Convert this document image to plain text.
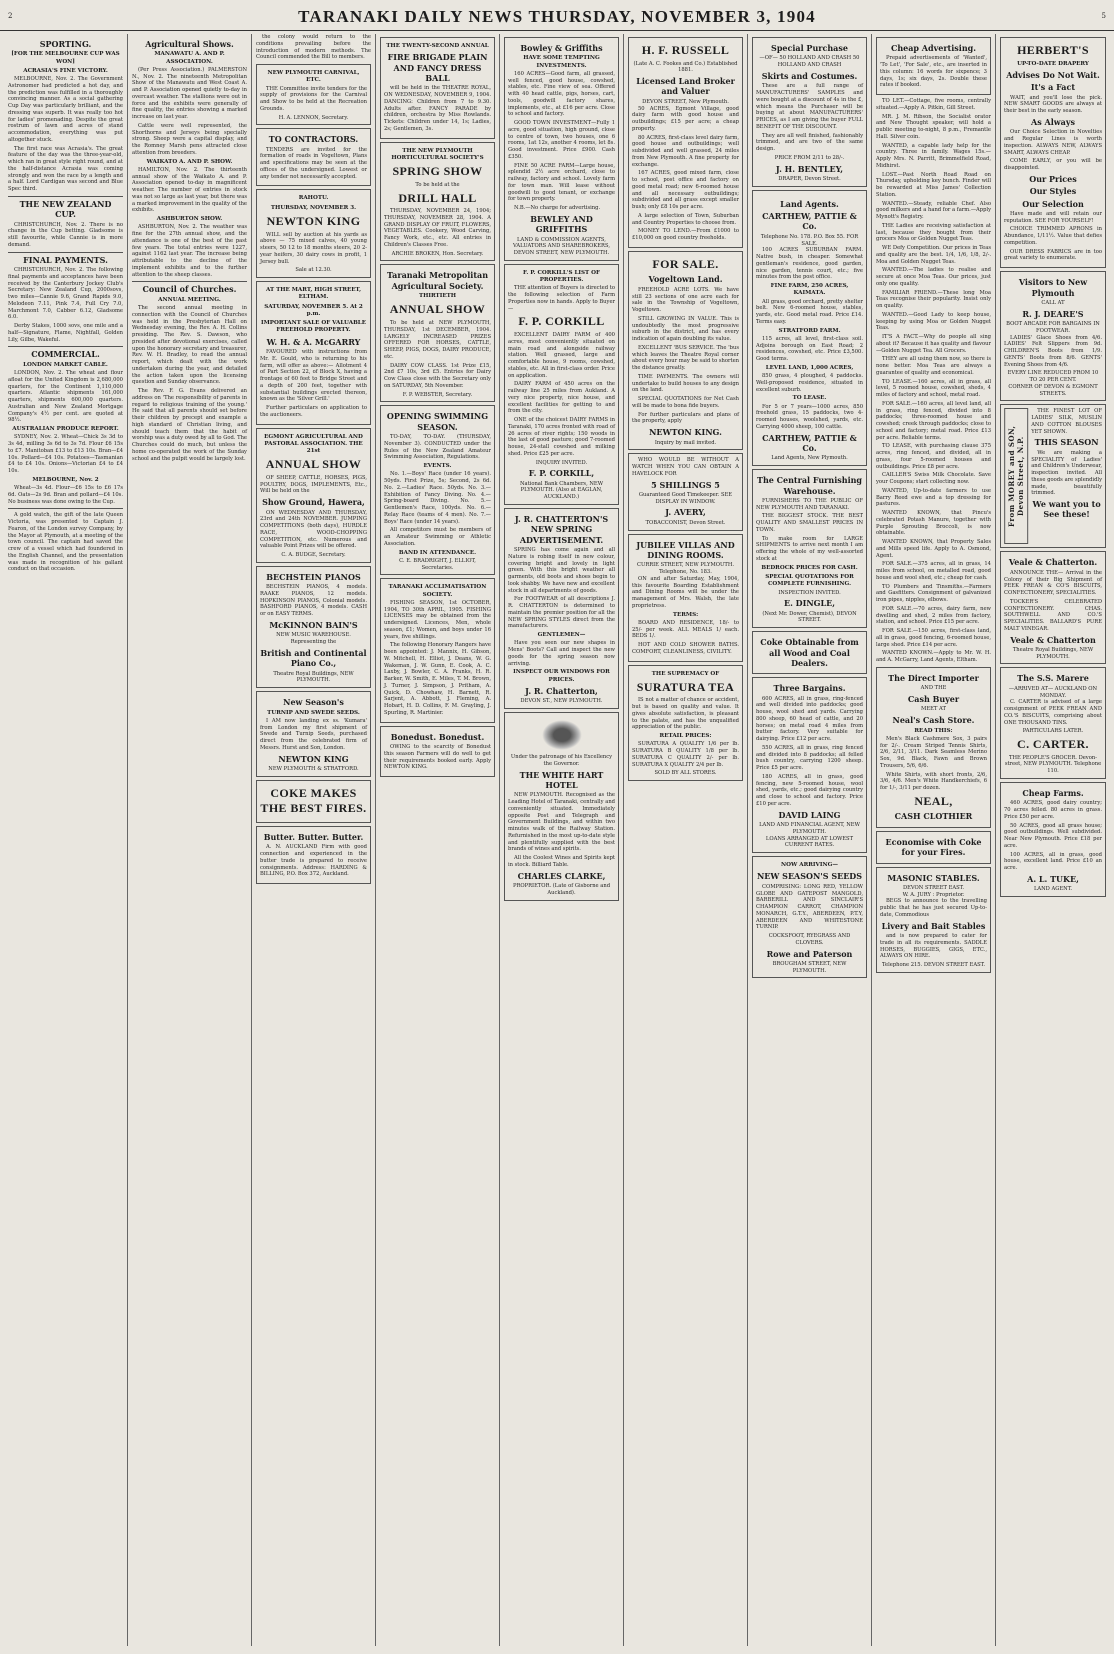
2	TARANAKI DAILY NEWS THURSDAY, NOVEMBER 3, 1904	5
SPORTING.
[FOR THE MELBOURNE CUP WAS WON]
ACRASIA'S FINE VICTORY.

MELBOURNE, Nov. 2. The Government Astronomer had predicted a hot day, and the prediction was fulfilled in a thoroughly convincing manner. As a social gathering Cup Day was particularly brilliant, and the dressing was superb. It was really too hot for ladies' promenading. Despite the great rostrum of lawn and acres of stand accommodation, everything was put altogether stuck.

The first race was Acrasia's. The great feature of the day was the three-year-old, which ran in great style right round, and at the half-distance Acrasia was coming strongly and won the race by a length and a half. Lord Cardigan was second and Blue Spec third.

THE NEW ZEALAND CUP.

CHRISTCHURCH, Nov. 2. There is no change in the Cup betting. Gladsome is still favourite, while Cannie is in more demand.

FINAL PAYMENTS.

CHRISTCHURCH, Nov. 2. The following final payments and acceptances have been received by the Canterbury Jockey Club's Secretary: New Zealand Cup, 2000sovs, two miles—Cannie 9.6, Grand Rapids 9.0, Melodeon 7.11, Pink 7.4, Full Cry 7.0, Marchmont 7.0, Cabber 6.12, Gladsome 6.0.

Derby Stakes, 1000 sovs, one mile and a half—Signature, Flame, Nightfall, Golden Lily, Gilbe, Wakeful.

COMMERCIAL.
LONDON MARKET CABLE.

LONDON, Nov. 2. The wheat and flour afloat for the United Kingdom is 2,680,000 quarters, for the Continent 1,110,000 quarters. Atlantic shipments 161,000 quarters, shipments 600,000 quarters. Australian and New Zealand Mortgage Company's 4½ per cent. are quoted at 98½.

AUSTRALIAN PRODUCE REPORT.

SYDNEY, Nov. 2. Wheat—Chick 3s 3d to 3s 4d, milling 3s 6d to 3s 7d. Flour £6 15s to £7. Manitoban £13 to £13 10s. Bran—£4 10s. Pollard—£4 10s. Potatoes—Tasmanian £4 to £4 10s. Onions—Victorian £4 to £4 10s.

MELBOURNE, Nov. 2

Wheat—3s 4d. Flour—£6 15s to £6 17s 6d. Oats—2s 9d. Bran and pollard—£4 10s. No business was done owing to the Cup.

A gold watch, the gift of the late Queen Victoria, was presented to Captain J. Fearon, of the London survey Company, by the Mayor at Plymouth, at a meeting of the town council. The captain had saved the crew of a vessel which had foundered in the English Channel, and the presentation was made in recognition of his gallant conduct on that occasion.

Agricultural Shows.
MANAWATU A. AND P. ASSOCIATION.

(Per Press Association.) PALMERSTON N., Nov. 2. The nineteenth Metropolitan Show of the Manawatu and West Coast A. and P. Association opened quietly to-day in overcast weather. The stallions were out in force and the exhibits were generally of fine quality, the entries showing a marked increase on last year.

Cattle were well represented, the Shorthorns and Jerseys being specially strong. Sheep were a capital display, and the Romney Marsh pens attracted close attention from breeders.

WAIKATO A. AND P. SHOW.

HAMILTON, Nov. 2. The thirteenth annual show of the Waikato A. and P. Association opened to-day in magnificent weather. The number of entries in stock was not so large as last year, but there was a marked improvement in the quality of the exhibits.

ASHBURTON SHOW.

ASHBURTON, Nov. 2. The weather was fine for the 27th annual show, and the attendance is one of the best of the past few years. The total entries were 1227, against 1162 last year. The increase being attributable to the decline of the implement exhibits and to the further attention to the sheep classes.

Council of Churches.
ANNUAL MEETING.

The second annual meeting in connection with the Council of Churches was held in the Presbyterian Hall on Wednesday evening, the Rev. A. H. Collins presiding. The Rev. S. Dawson, who presided after devotional exercises, called upon the honorary secretary and treasurer, Rev. W. H. Bradley, to read the annual report, which dealt with the work undertaken during the year, and detailed the action taken upon the licensing question and Sunday observance.

The Rev. F. G. Evans delivered an address on 'The responsibility of parents in regard to religious training of the young.' He said that all parents should set before their children by precept and example a high standard of Christian living, and should teach them that the habit of worship was a duty owed by all to God. The Churches could do much, but unless the home co-operated the work of the Sunday school and the pulpit would be largely lost.

the colony would return to the conditions prevailing before the introduction of modern methods. The Council commended the Bill to members.

NEW PLYMOUTH CARNIVAL, ETC.

THE Committee invite tenders for the supply of provisions for the Carnival and Show to be held at the Recreation Grounds.

H. A. LENNON, Secretary.
TO CONTRACTORS.

TENDERS are invited for the formation of roads in Vogeltown, Plans and specifications may be seen at the offices of the undersigned. Lowest or any tender not necessarily accepted.

RAHOTU.
THURSDAY, NOVEMBER 3.
NEWTON KING

WILL sell by auction at his yards as above — 75 mixed calves, 40 young steers, 50 12 to 18 months steers, 20 2-year heifers, 30 dairy cows in profit, 1 Jersey bull.

Sale at 12.30.
AT THE MART, HIGH STREET, ELTHAM.
SATURDAY, NOVEMBER 5. At 2 p.m.
IMPORTANT SALE OF VALUABLE FREEHOLD PROPERTY.
W. H. & A. McGARRY

FAVOURED with instructions from Mr. E. Gould, who is returning to his farm, will offer as above:— Allotment 4 of Part Section 22, of Block X, having a frontage of 60 feet to Bridge Street and a depth of 200 feet, together with substantial buildings erected thereon, known as the 'Silver Grill.'

Further particulars on application to the auctioneers.

EGMONT AGRICULTURAL AND PASTORAL ASSOCIATION. THE 21st
ANNUAL SHOW

OF SHEEP, CATTLE, HORSES, PIGS, POULTRY, DOGS, IMPLEMENTS, Etc., Will be held on the

Show Ground, Hawera,

ON WEDNESDAY AND THURSDAY, 23rd and 24th NOVEMBER. JUMPING COMPETITIONS (both days), HURDLE RACE, WOOD-CHOPPING COMPETITION, etc. Numerous and valuable Point Prizes will be offered.

C. A. BUDGE, Secretary.
BECHSTEIN PIANOS

BECHSTEIN PIANOS, 4 models. RAAKE PIANOS, 12 models. HOPKINSON PIANOS, Colonial models. BASHFORD PIANOS, 4 models. CASH or on EASY TERMS.

McKINNON BAIN'S
NEW MUSIC WAREHOUSE. Representing the
British and Continental Piano Co.,
Theatre Royal Buildings, NEW PLYMOUTH.
New Season's
TURNIP AND SWEDE SEEDS.

I AM now landing ex ss. 'Kumara' from London my first shipment of Swede and Turnip Seeds, purchased direct from the celebrated firm of Messrs. Hurst and Son, London.

NEWTON KING
NEW PLYMOUTH & STRATFORD.
COKE MAKES THE BEST FIRES.
Butter. Butter. Butter.

A. N. AUCKLAND Firm with good connection and experienced in the butter trade is prepared to receive consignments. Address: HARDING & BILLING, P.O. Box 372, Auckland.

THE TWENTY-SECOND ANNUAL
FIRE BRIGADE PLAIN AND FANCY DRESS BALL

will be held in the THEATRE ROYAL, ON WEDNESDAY, NOVEMBER 9, 1904. DANCING: Children from 7 to 9.30. Adults after. FANCY PARADE by children, orchestra by Miss Rowlands. Tickets: Children under 14, 1s; Ladies, 2s; Gentlemen, 3s.

THE NEW PLYMOUTH HORTICULTURAL SOCIETY'S
SPRING SHOW
To be held at the
DRILL HALL

THURSDAY, NOVEMBER 24, 1904; THURSDAY, NOVEMBER 28, 1904. A GRAND DISPLAY OF FRUIT, FLOWERS, VEGETABLES. Cookery, Wood Carving, Fancy Work, etc., etc. All entries in Children's Classes Free.

ARCHIE BROKEN, Hon. Secretary.
Taranaki Metropolitan Agricultural Society.
THIRTIETH
ANNUAL SHOW

To be held at NEW PLYMOUTH, THURSDAY, 1st DECEMBER, 1904. LARGELY INCREASED PRIZES OFFERED FOR HORSES, CATTLE, SHEEP, PIGS, DOGS, DAIRY PRODUCE, etc.

DAIRY COW CLASS. 1st Prize £15, 2nd £7 10s, 3rd £5. Entries for Dairy Cow Class close with the Secretary only on SATURDAY, 5th November.

F. P. WEBSTER, Secretary.
OPENING SWIMMING SEASON.

TO-DAY, TO-DAY. (THURSDAY, November 3). CONDUCTED under the Rules of the New Zealand Amateur Swimming Association, Regulations.

EVENTS.

No. 1.—Boys' Race (under 16 years). 50yds. First Prize, 5s; Second, 2s 6d. No. 2.—Ladies' Race. 50yds. No. 3.—Exhibition of Fancy Diving. No. 4.—Spring-board Diving. No. 5.—Gentlemen's Race, 100yds. No. 6.—Relay Race (teams of 4 men). No. 7.—Boys' Race (under 14 years).

All competitors must be members of an Amateur Swimming or Athletic Association.

BAND IN ATTENDANCE.
C. E. BRADRIGHT, J. ELLIOT, Secretaries.
TARANAKI ACCLIMATISATION SOCIETY.

FISHING SEASON, 1st OCTOBER, 1904, TO 30th APRIL, 1905. FISHING LICENSES may be obtained from the undersigned. Licences, Men, whole season, £1; Women, and boys under 16 years, five shillings.

The following Honorary Rangers have been appointed: J. Mannix, H. Gibson, W. Mitchell, H. Elliot, J. Deans, W. G. Wakeman, J. W. Gunn, E. Cook, A. C. Laxby, J. Bowler, C. A. Franks, H. R. Barker, W. Smith, E. Miles, T. M. Brown, J. Turner, J. Simpson, J. Pritham, A. Quick, D. Chowhaw, H. Barnett, R. Sarjent, A. Abbott, J. Fleming, A. Hobart, H. D. Collins, F. M. Grayling, J. Spurling, R. Martinier.

Bonedust. Bonedust.

OWING to the scarcity of Bonedust this season Farmers will do well to get their requirements booked early. Apply NEWTON KING.

Bowley & Griffiths
HAVE SOME TEMPTING INVESTMENTS.

160 ACRES—Good farm, all grassed, well fenced, good house, cowshed, stables, etc. Fine view of sea. Offered with 40 head cattle, pigs, horses, cart, tools, goodwill factory shares, implements, etc., at £16 per acre. Close to school and factory.

GOOD TOWN INVESTMENT—Fully 1 acre, good situation, high ground, close to centre of town, two houses, one 6 rooms, 1at 12s, another 4 rooms, let 8s. Good investment. Price £900. Cash £350.

FINE 50 ACRE FARM—Large house, splendid 2½ acre orchard, close to railway, factory and school. Lovely farm for town man. Will lease without goodwill to good tenant, or exchange for town property.

N.B.—No charge for advertising.

BEWLEY AND GRIFFITHS
LAND & COMMISSION AGENTS, VALUATORS AND SHAREBROKERS, DEVON STREET, NEW PLYMOUTH.
F. P. CORKILL'S LIST OF PROPERTIES.

THE attention of Buyers is directed to the following selection of Farm Properties now in hands. Apply to Buyer—

F. P. CORKILL

EXCELLENT DAIRY FARM of 400 acres, most conveniently situated on main road and alongside railway station. Well grassed, large and comfortable house, 9 rooms, cowshed, stables, etc. All in first-class order. Price on application.

DAIRY FARM of 450 acres on the railway line 25 miles from Aukland. A very nice property, nice house, and excellent facilities for getting to and from the city.

ONE of the choicest DAIRY FARMS in Taranaki, 170 acres fronted with road of 26 acres of river rights; 150 woods in the last of good pasture; good 7-roomed house, 24-stall cowshed and milking shed. Price £25 per acre.

INQUIRY INVITED.
F. P. CORKILL,
National Bank Chambers, NEW PLYMOUTH. (Also at EAGLAN, AUCKLAND.)
J. R. CHATTERTON'S NEW SPRING ADVERTISEMENT.

SPRING has come again and all Nature is robing itself in new colour, covering bright and lovely in light green. With this bright weather all garments, old boots and shoes begin to look shabby. We have new and excellent stock in all departments of goods.

For FOOTWEAR of all descriptions J. R. CHATTERTON is determined to maintain the premier position for all the NEW SPRING STYLES direct from the manufacturers.

GENTLEMEN—

Have you seen our new shapes in Mens' Boots? Call and inspect the new goods for the spring season now arriving.

INSPECT OUR WINDOWS FOR PRICES.
J. R. Chatterton,
DEVON ST., NEW PLYMOUTH.
Under the patronage of his Excellency the Governor.
THE WHITE HART HOTEL

NEW PLYMOUTH. Recognised as the Leading Hotel of Taranaki, centrally and conveniently situated. Immediately opposite Post and Telegraph and Government Buildings, and within two minutes walk of the Railway Station. Refurnished in the most up-to-date style and plentifully supplied with the best brands of wines and spirits.

All the Coolest Wines and Spirits kept in stock. Billiard Table.

CHARLES CLARKE,
PROPRIETOR. (Late of Gisborne and Auckland).
H. F. RUSSELL
(Late A. C. Fookes and Co.) Established 1881.
Licensed Land Broker and Valuer
DEVON STREET, New Plymouth.

50 ACRES, Egmont Village, good dairy farm with good house and outbuildings; £15 per acre; a cheap property.

80 ACRES, first-class level dairy farm, good house and outbuildings; well subdivided and well grassed, 24 miles from New Plymouth. A fine property for exchange.

167 ACRES, good mixed farm, close to school, post office and factory on good metal road; new 6-roomed house and all necessary outbuildings; subdivided and all grass except smaller bush; only £8 10s per acre.

A large selection of Town, Suburban and Country Properties to choose from.

MONEY TO LEND.—From £1000 to £10,000 on good country freeholds.

FOR SALE.
Vogeltown Land.

FREEHOLD ACRE LOTS. We have still 23 sections of one acre each for sale in the Township of Vogeltown, Vogeltown.

STILL GROWING IN VALUE. This is undoubtedly the most progressive suburb in the district, and has every indication of again doubling its value.

EXCELLENT 'BUS SERVICE. The 'bus which leaves the Theatre Royal corner about every hour may be said to shorten the distance greatly.

TIME PAYMENTS. The owners will undertake to build houses to any design on the land.

SPECIAL QUOTATIONS for Net Cash will be made to bona fide buyers.

For further particulars and plans of the property, apply

NEWTON KING.
Inquiry by mail invited.

WHO WOULD BE WITHOUT A WATCH WHEN YOU CAN OBTAIN A HAVELOCK FOR

5 SHILLINGS 5
Guaranteed Good Timekeeper. SEE DISPLAY IN WINDOW.
J. AVERY,
TOBACCONIST, Devon Street.
JUBILEE VILLAS AND DINING ROOMS.
CURRIE STREET, NEW PLYMOUTH. Telephone, No. 183.

ON and after Saturday, May, 1904, this favourite Boarding Establishment and Dining Rooms will be under the management of Mrs. Walsh, the late proprietress.

TERMS:

BOARD AND RESIDENCE, 18/- to 25/- per week. ALL MEALS 1/ each. BEDS 1/.

HOT AND COLD SHOWER BATHS. COMFORT, CLEANLINESS, CIVILITY.

THE SUPREMACY OF
SURATURA TEA

IS not a matter of chance or accident, but is based on quality and value. It gives absolute satisfaction, is pleasant to the palate, and has the unqualified appreciation of the public.

RETAIL PRICES:

SURATURA A QUALITY 1/6 per lb. SURATURA B QUALITY 1/8 per lb. SURATURA C QUALITY 2/- per lb. SURATURA X QUALITY 2/4 per lb.

SOLD BY ALL STORES.
Special Purchase
—OF— 50 HOLLAND AND CRASH 50 HOLLAND AND CRASH
Skirts and Costumes.

These are a full range of MANUFACTURERS' SAMPLES and were bought at a discount of 4s in the £, which means the Purchaser will be buying at about MANUFACTURERS' PRICES, as I am giving the buyer FULL BENEFIT OF THE DISCOUNT.

They are all well finished, fashionably trimmed, and are two of the same design.

PRICE FROM 2/11 to 28/-.
J. H. BENTLEY,
DRAPER, Devon Street.
Land Agents.
CARTHEW, PATTIE & Co.
Telephone No. 178. P.O. Box 55. FOR SALE.

100 ACRES SUBURBAN FARM. Native bush, in cheaper. Somewhat gentleman's residence, good garden, nice garden, tennis court, etc.; five minutes from the post office.

FINE FARM, 250 ACRES, KAIMATA.

All grass, good orchard, pretty shelter belt. New 6-roomed house, stables, yards, etc. Good metal road. Price £14. Terms easy.

STRATFORD FARM.

115 acres, all level, first-class soil. Adjoins borough on East Road; 2 residences, cowshed, etc. Price £3,500. Good terms.

LEVEL LAND, 1,000 ACRES,

850 grass, 4 ploughed, 4 paddocks. Well-proposed residence, situated in excellent suburb.

TO LEASE.

For 5 or 7 years—1000 acres, 850 freehold grass, 15 paddocks, two 4-roomed houses, woolshed, yards, etc. Carrying 4000 sheep, 100 cattle.

CARTHEW, PATTIE & Co.
Land Agents, New Plymouth.
The Central Furnishing Warehouse.

FURNISHERS TO THE PUBLIC OF NEW PLYMOUTH AND TARANAKI.

THE BIGGEST STOCK. THE BEST QUALITY AND SMALLEST PRICES IN TOWN.

To make room for LARGE SHIPMENTS to arrive next month I am offering the whole of my well-assorted stock at

BEDROCK PRICES FOR CASH.
SPECIAL QUOTATIONS FOR COMPLETE FURNISHING.
INSPECTION INVITED.
E. DINGLE,
(Next Mr. Dower, Chemist), DEVON STREET.
Coke Obtainable from all Wood and Coal Dealers.
Three Bargains.

600 ACRES, all in grass, ring-fenced and well divided into paddocks; good house, wool shed and yards. Carrying 800 sheep, 60 head of cattle, and 20 horses; on metal road 4 miles from butter factory. Very suitable for dairying. Price £12 per acre.

550 ACRES, all in grass, ring fenced and divided into 8 paddocks; all felled bush country, carrying 1200 sheep. Price £5 per acre.

180 ACRES, all in grass, good fencing, new 5-roomed house, wool shed, yards, etc.; good dairying country and close to school and factory. Price £10 per acre.

DAVID LAING
LAND AND FINANCIAL AGENT, NEW PLYMOUTH.
LOANS ARRANGED AT LOWEST CURRENT RATES.
NOW ARRIVING—
NEW SEASON'S SEEDS

COMPRISING: LONG RED, YELLOW GLOBE AND GATEPOST MANGOLD, BARBERILL AND SINCLAIR'S CHAMPION CARROT, CHAMPION MONARCH, G.T.Y., ABERDEEN, P.T.Y, ABERDEEN AND WHITESTONE TURNIP.

COCKSFOOT, RYEGRASS AND CLOVERS.
Rowe and Paterson
BROUGHAM STREET, NEW PLYMOUTH.
Cheap Advertising.

Prepaid advertisements of 'Wanted', 'To Let', 'For Sale', etc., are inserted in this column: 16 words for sixpence; 3 days, 1s; six days, 2s. Double these rates if booked.

TO LET.—Cottage, five rooms, centrally situated.—Apply A. Pitkin, Gill Street.

MR. J. M. Ribson, the Socialist orator and New Thought speaker, will hold a public meeting to-night, 8 p.m., Fremantle Hall. Silver coin.

WANTED, a capable lady help for the country. Three in family. Wages 15s.—Apply Mrs. N. Parritt, Brimmelfield Road, Midhirst.

LOST.—Past North Road Road on Thursday, upholding key bunch. Finder will be rewarded at Miss James' Collection Station.

WANTED.—Steady, reliable Chef. Also good milkers and a hand for a farm.—Apply Mynott's Registry.

THE Ladies are receiving satisfaction at last, because they bought from their grocers Moa or Golden Nugget Teas.

WE Defy Competition. Our prices in Teas and quality are the best. 1/4, 1/6, 1/8, 2/-. Moa and Golden Nugget Teas.

WANTED.—The ladies to realise and secure at once Moa Teas. Our prices, just only one quality.

FAMILIAR FRIEND.—These long Moa Teas recognise their popularity. Insist only on quality.

WANTED.—Good Lady to keep house, keeping by using Moa or Golden Nugget Teas.

IT'S A FACT.—Why do people all sing about it? Because it has quality and flavour—Golden Nugget Tea. All Grocers.

THEY are all using them now, so there is none better. Moa Teas are always a guarantee of quality and economical.

TO LEASE.—160 acres, all in grass, all level, 5 roomed house, cowshed, sheds, 4 miles of factory and school, metal road.

FOR SALE.—160 acres, all level land, all in grass, ring fenced, divided into 8 paddocks; three-roomed house and cowshed; creek through paddocks; close to school and factory; metal road. Price £13 per acre. Reliable terms.

TO LEASE, with purchasing clause 375 acres, ring fenced, and divided, all in grass, four 5-roomed houses and outbuildings. Price £8 per acre.

CAILLER'S Swiss Milk Chocolate. Save your Coupons; start collecting now.

WANTED, Up-to-date farmers to use Barry Reed ewe and a top dressing for pastures.

WANTED KNOWN, that Pincu's celebrated Potash Manure, together with Purple Sprouting Broccoli, is now obtainable.

WANTED KNOWN, that Property Sales and Mills speed life. Apply to A. Osmond, Agent.

FOR SALE.—375 acres, all in grass, 14 miles from school, on metalled road, good house and wool shed, etc.; cheap for cash.

TO Plumbers and Tinsmiths.—Farmers and Gasfitters. Consignment of galvanized iron pipes, nipples, elbows.

FOR SALE.—70 acres, dairy farm, new dwelling and shed, 2 miles from factory, station, and school. Price £15 per acre.

FOR SALE.—150 acres, first-class land, all in grass, good fencing, 6-roomed house, large shed. Price £14 per acre.

WANTED KNOWN.—Apply to Mr. W. H. and A. McGarry, Land Agents, Eltham.

The Direct Importer
AND THE
Cash Buyer
MEET AT
Neal's Cash Store.
READ THIS:

Men's Black Cashmere Sox, 3 pairs for 2/-. Cream Striped Tennis Shirts, 2/6, 2/11, 3/11. Dark Seamless Merino Sox, 9d. Black, Fawn and Brown Trousers, 5/6, 6/6.

White Shirts, with short fronts, 2/6, 3/6, 4/6. Men's White Handkerchiefs, 6 for 1/-, 3/11 per dozen.

NEAL,
CASH CLOTHIER
Economise with Coke for your Fires.
MASONIC STABLES.
DEVON STREET EAST.
W. A. JURY : Proprietor.

BEGS to announce to the travelling public that he has just secured Up-to-date, Commodious

Livery and Bait Stables

and is now prepared to cater for trade in all its requirements. SADDLE HORSES, BUGGIES, GIGS, ETC., ALWAYS ON HIRE.

Telephone 215. DEVON STREET EAST.
HERBERT'S
UP-TO-DATE DRAPERY
Advises Do Not Wait.
It's a Fact

WAIT, and you'll lose the pick. NEW SMART GOODS are always at their best in the early season.

As Always

Our Choice Selection in Novelties and Regular Lines is worth inspection. ALWAYS NEW, ALWAYS SMART, ALWAYS CHEAP.

COME EARLY, or you will be disappointed.

Our Prices
Our Styles
Our Selection

Have made and will retain our reputation. SEE FOR YOURSELF!

CHOICE TRIMMED APRONS in Abundance, 1/11½. Value that defies competition.

OUR DRESS FABRICS are in too great variety to enumerate.

Visitors to New Plymouth
CALL AT
R. J. DEARE'S
BOOT ARCADE FOR BARGAINS IN FOOTWEAR.

LADIES' Glace Shoes from 4/6. LADIES' Felt Slippers from 9d. CHILDREN'S Boots from 1/9. GENTS' Boots from 8/6. GENTS' Evening Shoes from 4/6.

EVERY LINE REDUCED FROM 10 TO 20 PER CENT.
CORNER OF DEVON & EGMONT STREETS.
From MOREY and SON, Devon Street, N.P.

THE FINEST LOT OF LADIES' SILK, MUSLIN AND COTTON BLOUSES YET SHOWN.

THIS SEASON

We are making a SPECIALITY of Ladies' and Children's Underwear, inspection invited. All these goods are splendidly made, beautifully trimmed.

We want you to See these!
Veale & Chatterton.

ANNOUNCE THE— Arrival in the Colony of their Big Shipment of PEEK FREAN & CO'S BISCUITS, CONFECTIONERY, SPECIALITIES.

TOCKER'S CELEBRATED CONFECTIONERY. CHAS. SOUTHWELL AND CO.'S SPECIALITIES. BALLARD'S PURE MALT VINEGAR.

Veale & Chatterton
Theatre Royal Buildings, NEW PLYMOUTH.
The S.S. Marere
—ARRIVED AT— AUCKLAND ON MONDAY.

C. CARTER is advised of a large consignment of PEEK FREAN AND CO.'S BISCUITS, comprising about ONE THOUSAND TINS.

PARTICULARS LATER.
C. CARTER.
THE PEOPLE'S GROCER. Devon-street, NEW PLYMOUTH. Telephone 110.
Cheap Farms.

460 ACRES, good dairy country; 70 acres felled. 80 acres in grass. Price £50 per acre.

50 ACRES, good all grass house; good outbuildings. Well subdivided. Near New Plymouth. Price £18 per acre.

100 ACRES, all in grass, good house, excellent land. Price £10 an acre.

A. L. TUKE,
LAND AGENT.
